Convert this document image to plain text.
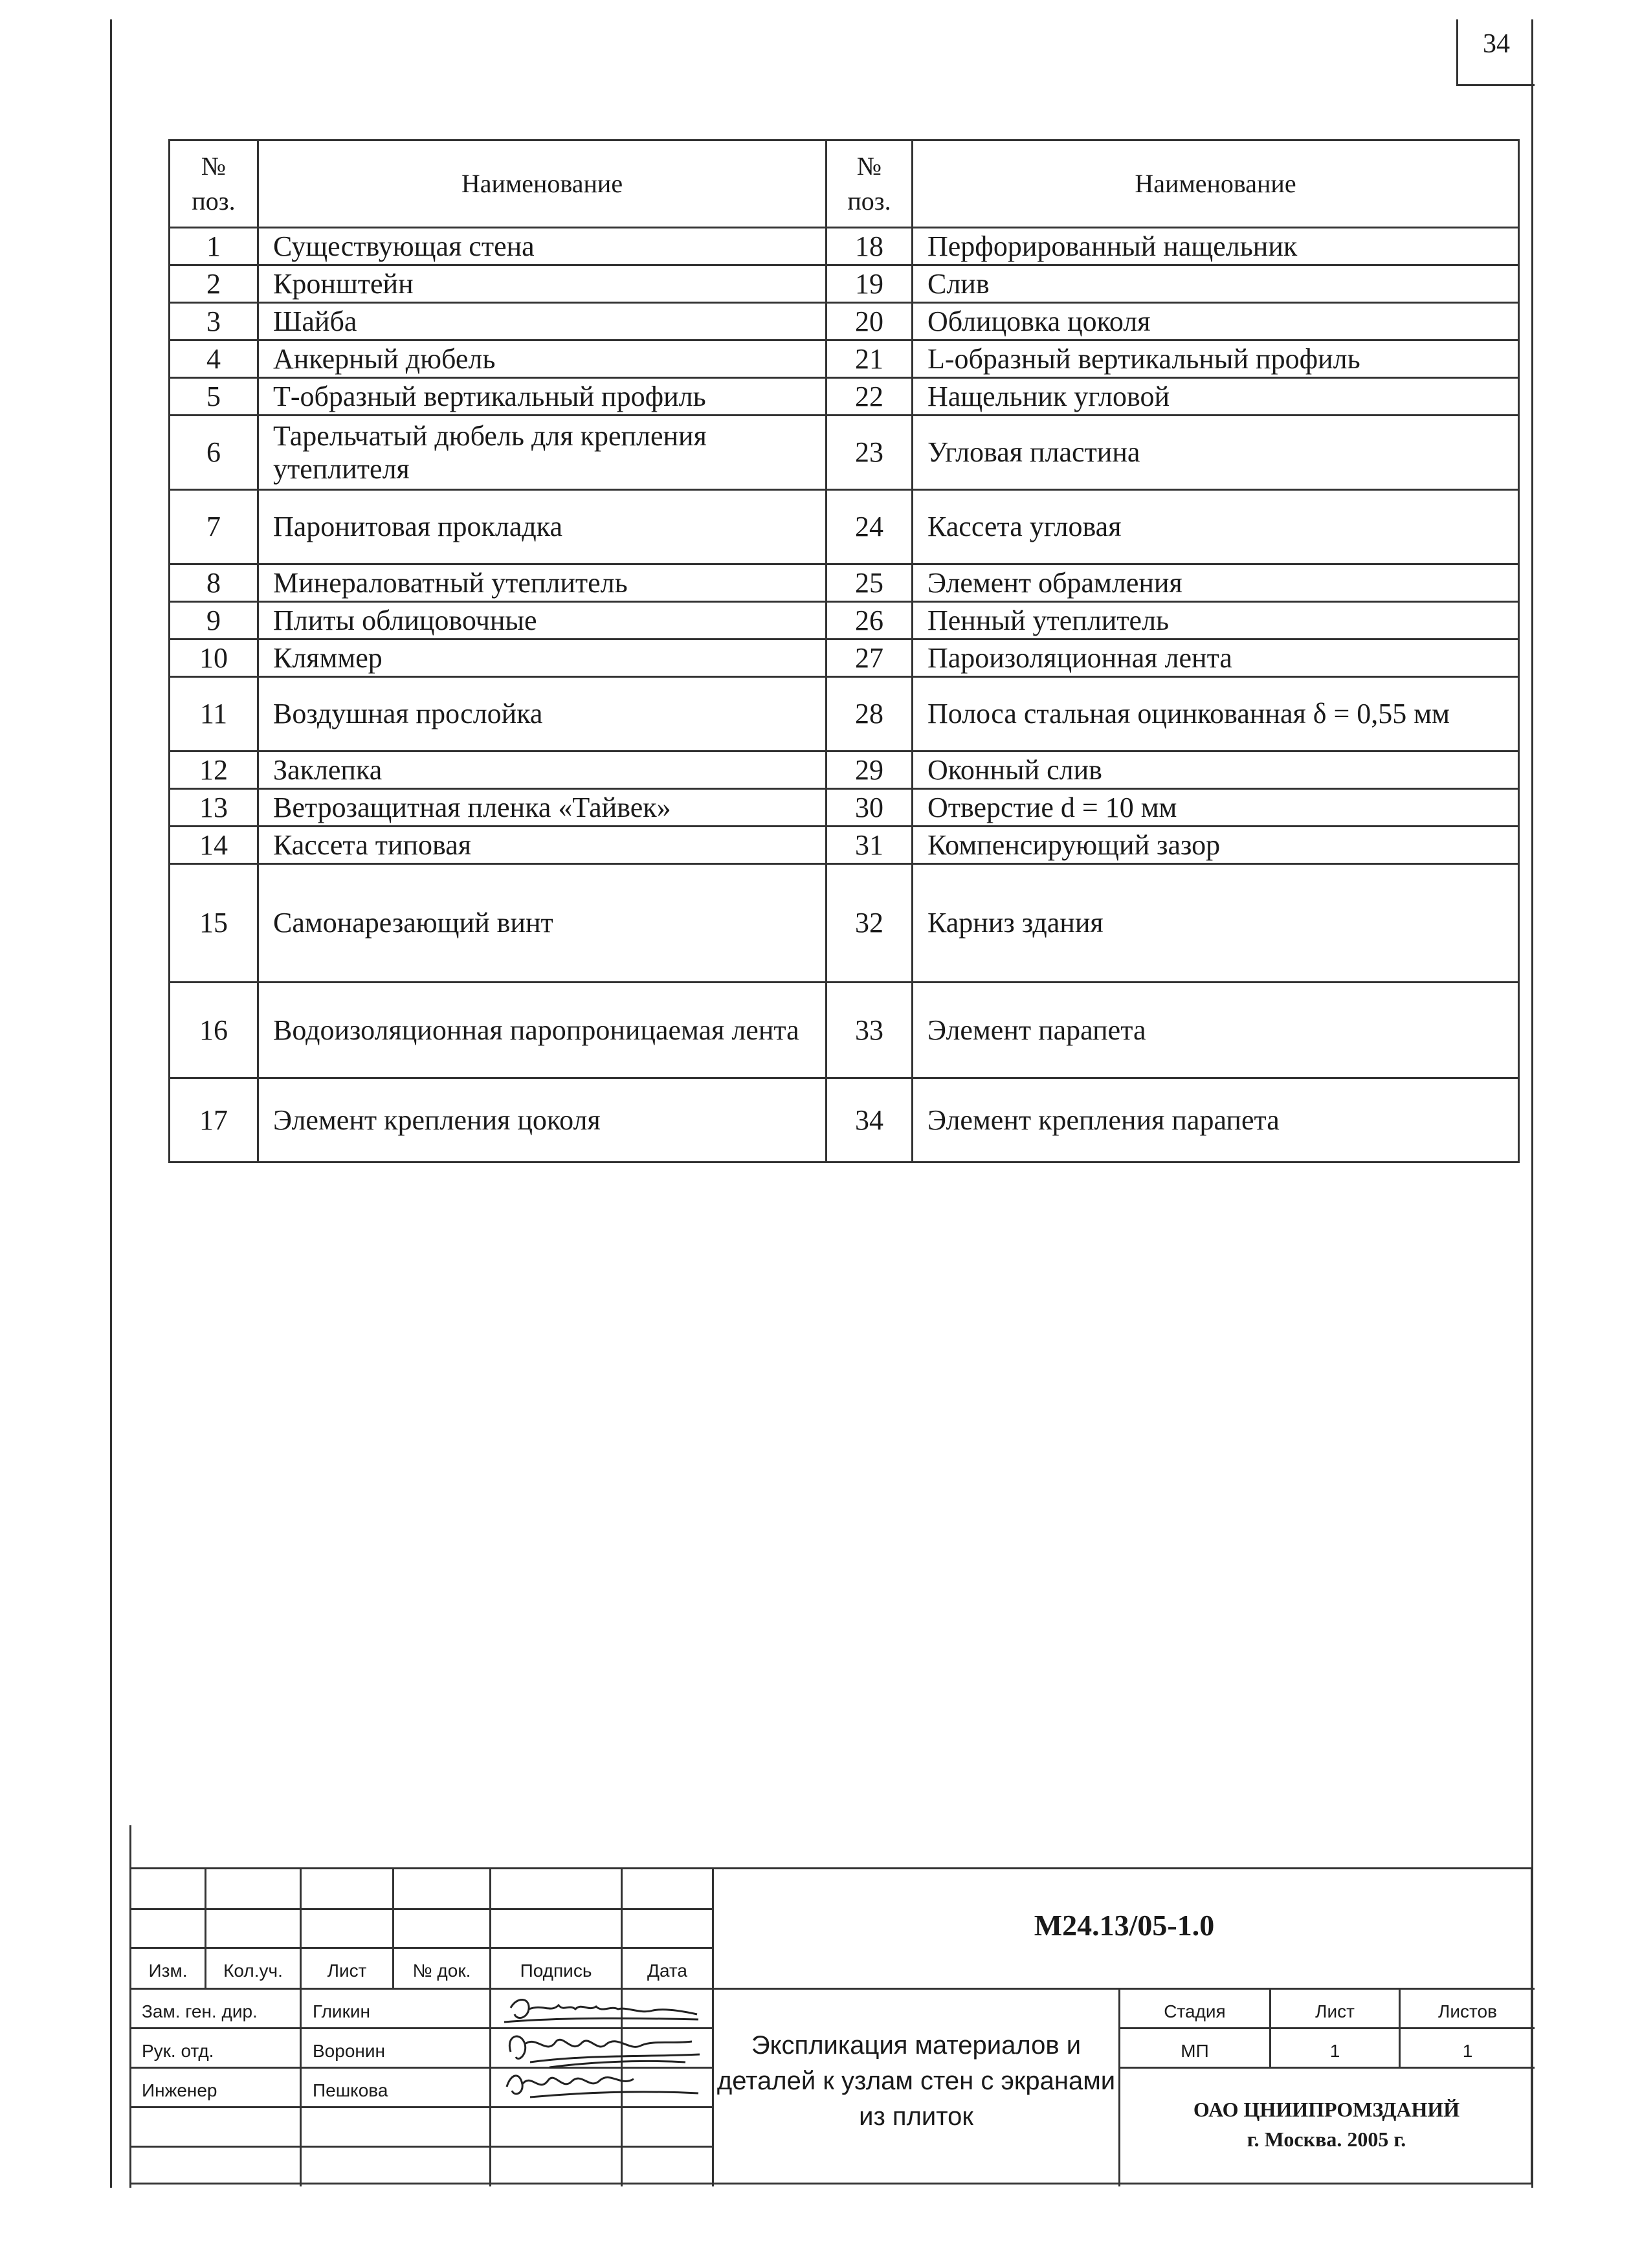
34
№
поз.	Наименование	№
поз.	Наименование
1	Существующая стена	18	Перфорированный нащельник
2	Кронштейн	19	Слив
3	Шайба	20	Облицовка цоколя
4	Анкерный дюбель	21	L-образный вертикальный профиль
5	Т-образный вертикальный профиль	22	Нащельник угловой
6	Тарельчатый дюбель для крепления утеплителя	23	Угловая пластина
7	Паронитовая прокладка	24	Кассета угловая
8	Минераловатный утеплитель	25	Элемент обрамления
9	Плиты облицовочные	26	Пенный утеплитель
10	Кляммер	27	Пароизоляционная лента
11	Воздушная прослойка	28	Полоса стальная оцинкованная δ = 0,55 мм
12	Заклепка	29	Оконный слив
13	Ветрозащитная пленка «Тайвек»	30	Отверстие d = 10 мм
14	Кассета типовая	31	Компенсирующий зазор
15	Самонарезающий винт	32	Карниз здания
16	Водоизоляционная паропроницаемая лента	33	Элемент парапета
17	Элемент крепления цоколя	34	Элемент крепления парапета
Изм.	Кол.уч.	Лист	№ док.	Подпись	Дата
Зам. ген. дир.	Гликин
Рук. отд.	Воронин
Инженер	Пешкова
М24.13/05-1.0
Экспликация материалов и деталей к узлам стен с экранами из плиток
Стадия	Лист	Листов
МП	1	1
ОАО ЦНИИПРОМЗДАНИЙ
г. Москва. 2005 г.
